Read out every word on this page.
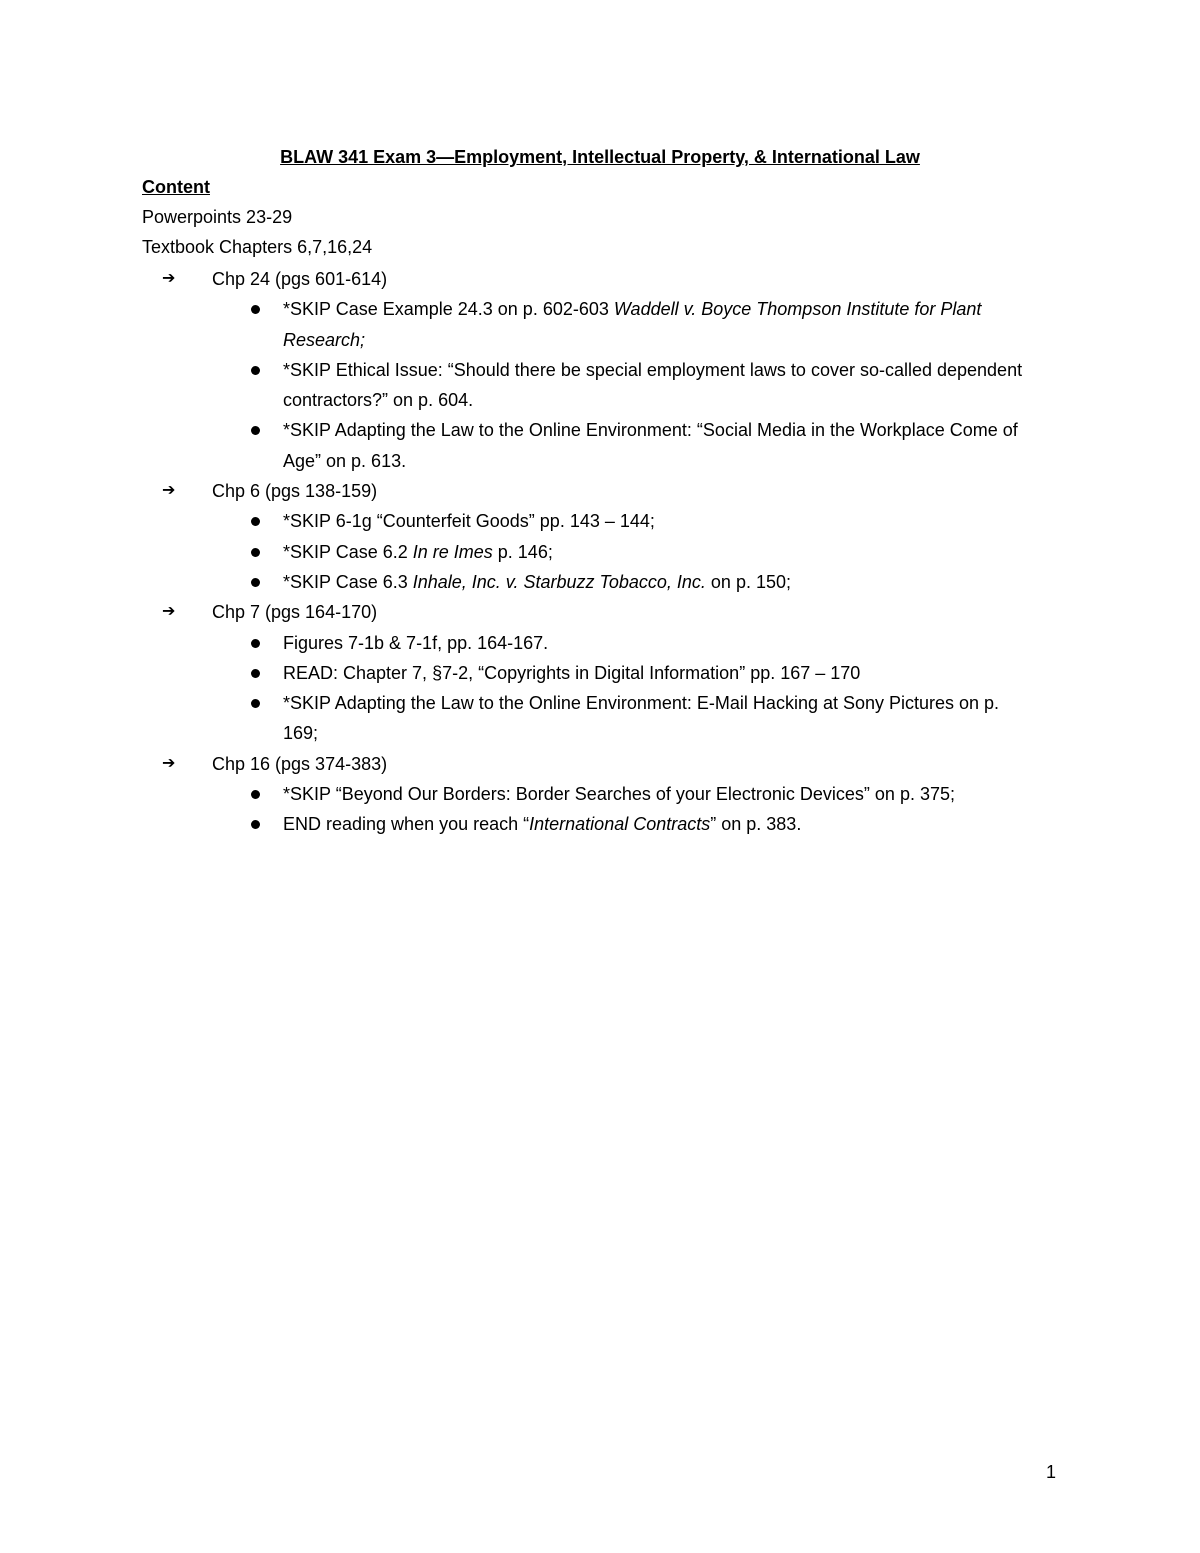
BLAW 341 Exam 3—Employment, Intellectual Property, & International Law
Content
Powerpoints 23-29
Textbook Chapters 6,7,16,24
➔	Chp 24 (pgs 601-614)
*SKIP Case Example 24.3 on p. 602-603 Waddell v. Boyce Thompson Institute for Plant Research;
*SKIP Ethical Issue: “Should there be special employment laws to cover so-called dependent contractors?” on p. 604.
*SKIP Adapting the Law to the Online Environment: “Social Media in the Workplace Come of Age” on p. 613.
➔	Chp 6 (pgs 138-159)
*SKIP 6-1g “Counterfeit Goods” pp. 143 – 144;
*SKIP Case 6.2 In re Imes p. 146;
*SKIP Case 6.3 Inhale, Inc. v. Starbuzz Tobacco, Inc. on p. 150;
➔	Chp 7 (pgs 164-170)
Figures 7-1b & 7-1f, pp. 164-167.
READ: Chapter 7, §7-2, “Copyrights in Digital Information” pp. 167 – 170
*SKIP Adapting the Law to the Online Environment: E-Mail Hacking at Sony Pictures on p. 169;
➔	Chp 16 (pgs 374-383)
*SKIP “Beyond Our Borders: Border Searches of your Electronic Devices” on p. 375;
END reading when you reach “International Contracts” on p. 383.
1
